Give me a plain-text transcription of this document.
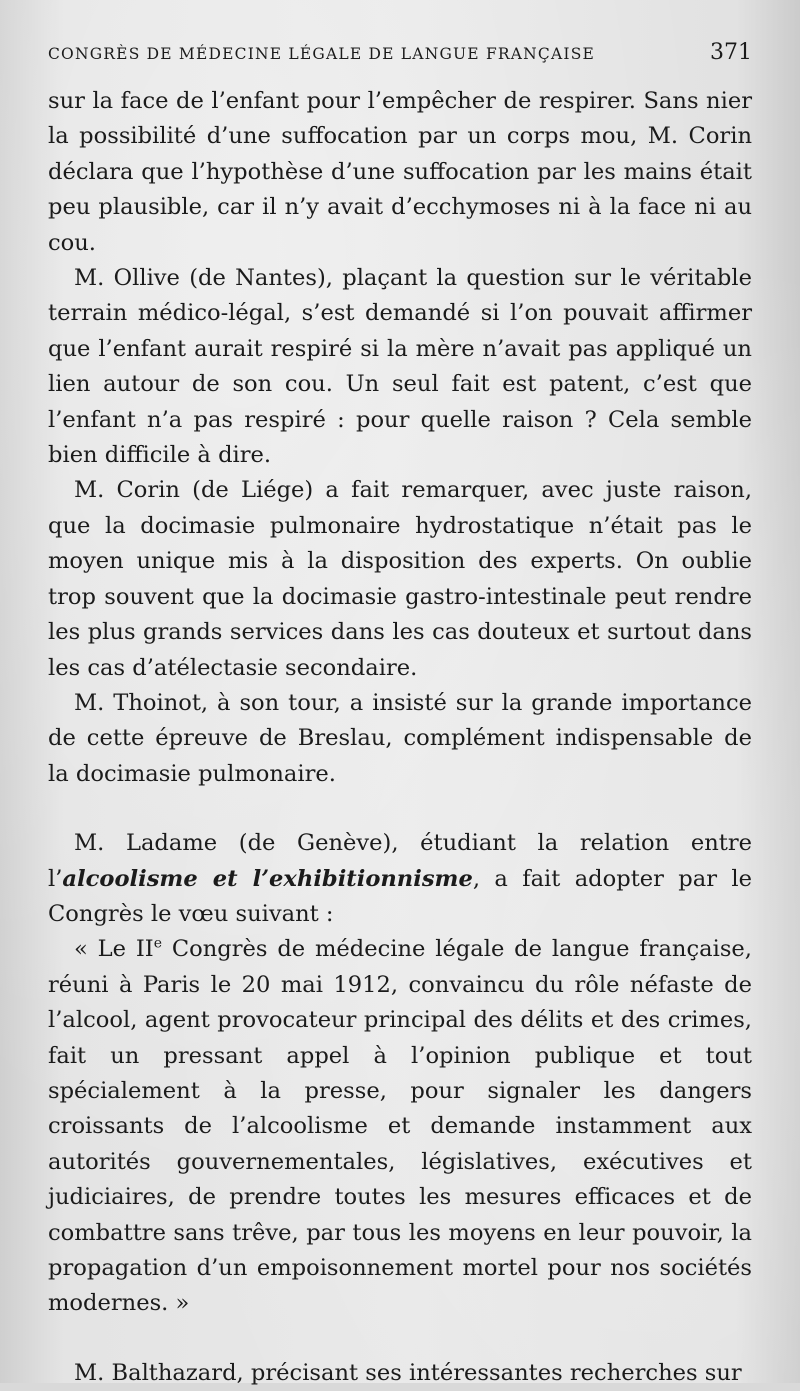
CONGRÈS DE MÉDECINE LÉGALE DE LANGUE FRANÇAISE	371

sur la face de l’enfant pour l’empêcher de respirer. Sans nier la possibilité d’une suffocation par un corps mou, M. Corin déclara que l’hypothèse d’une suffocation par les mains était peu plausible, car il n’y avait d’ecchymoses ni à la face ni au cou.

M. Ollive (de Nantes), plaçant la question sur le véritable terrain médico-légal, s’est demandé si l’on pouvait affirmer que l’enfant aurait respiré si la mère n’avait pas appliqué un lien autour de son cou. Un seul fait est patent, c’est que l’enfant n’a pas respiré : pour quelle raison ? Cela semble bien difficile à dire.

M. Corin (de Liége) a fait remarquer, avec juste raison, que la docimasie pulmonaire hydrostatique n’était pas le moyen unique mis à la disposition des experts. On oublie trop souvent que la docimasie gastro-intestinale peut rendre les plus grands services dans les cas douteux et surtout dans les cas d’atélectasie secondaire.

M. Thoinot, à son tour, a insisté sur la grande importance de cette épreuve de Breslau, complément indispensable de la docimasie pulmonaire.

M. Ladame (de Genève), étudiant la relation entre l’alcoolisme et l’exhibitionnisme, a fait adopter par le Congrès le vœu suivant :

« Le IIe Congrès de médecine légale de langue française, réuni à Paris le 20 mai 1912, convaincu du rôle néfaste de l’alcool, agent provocateur principal des délits et des crimes, fait un pressant appel à l’opinion publique et tout spécialement à la presse, pour signaler les dangers croissants de l’alcoolisme et demande instamment aux autorités gouvernementales, législatives, exécutives et judiciaires, de prendre toutes les mesures efficaces et de combattre sans trêve, par tous les moyens en leur pouvoir, la propagation d’un empoisonnement mortel pour nos sociétés modernes. »

M. Balthazard, précisant ses intéressantes recherches sur
